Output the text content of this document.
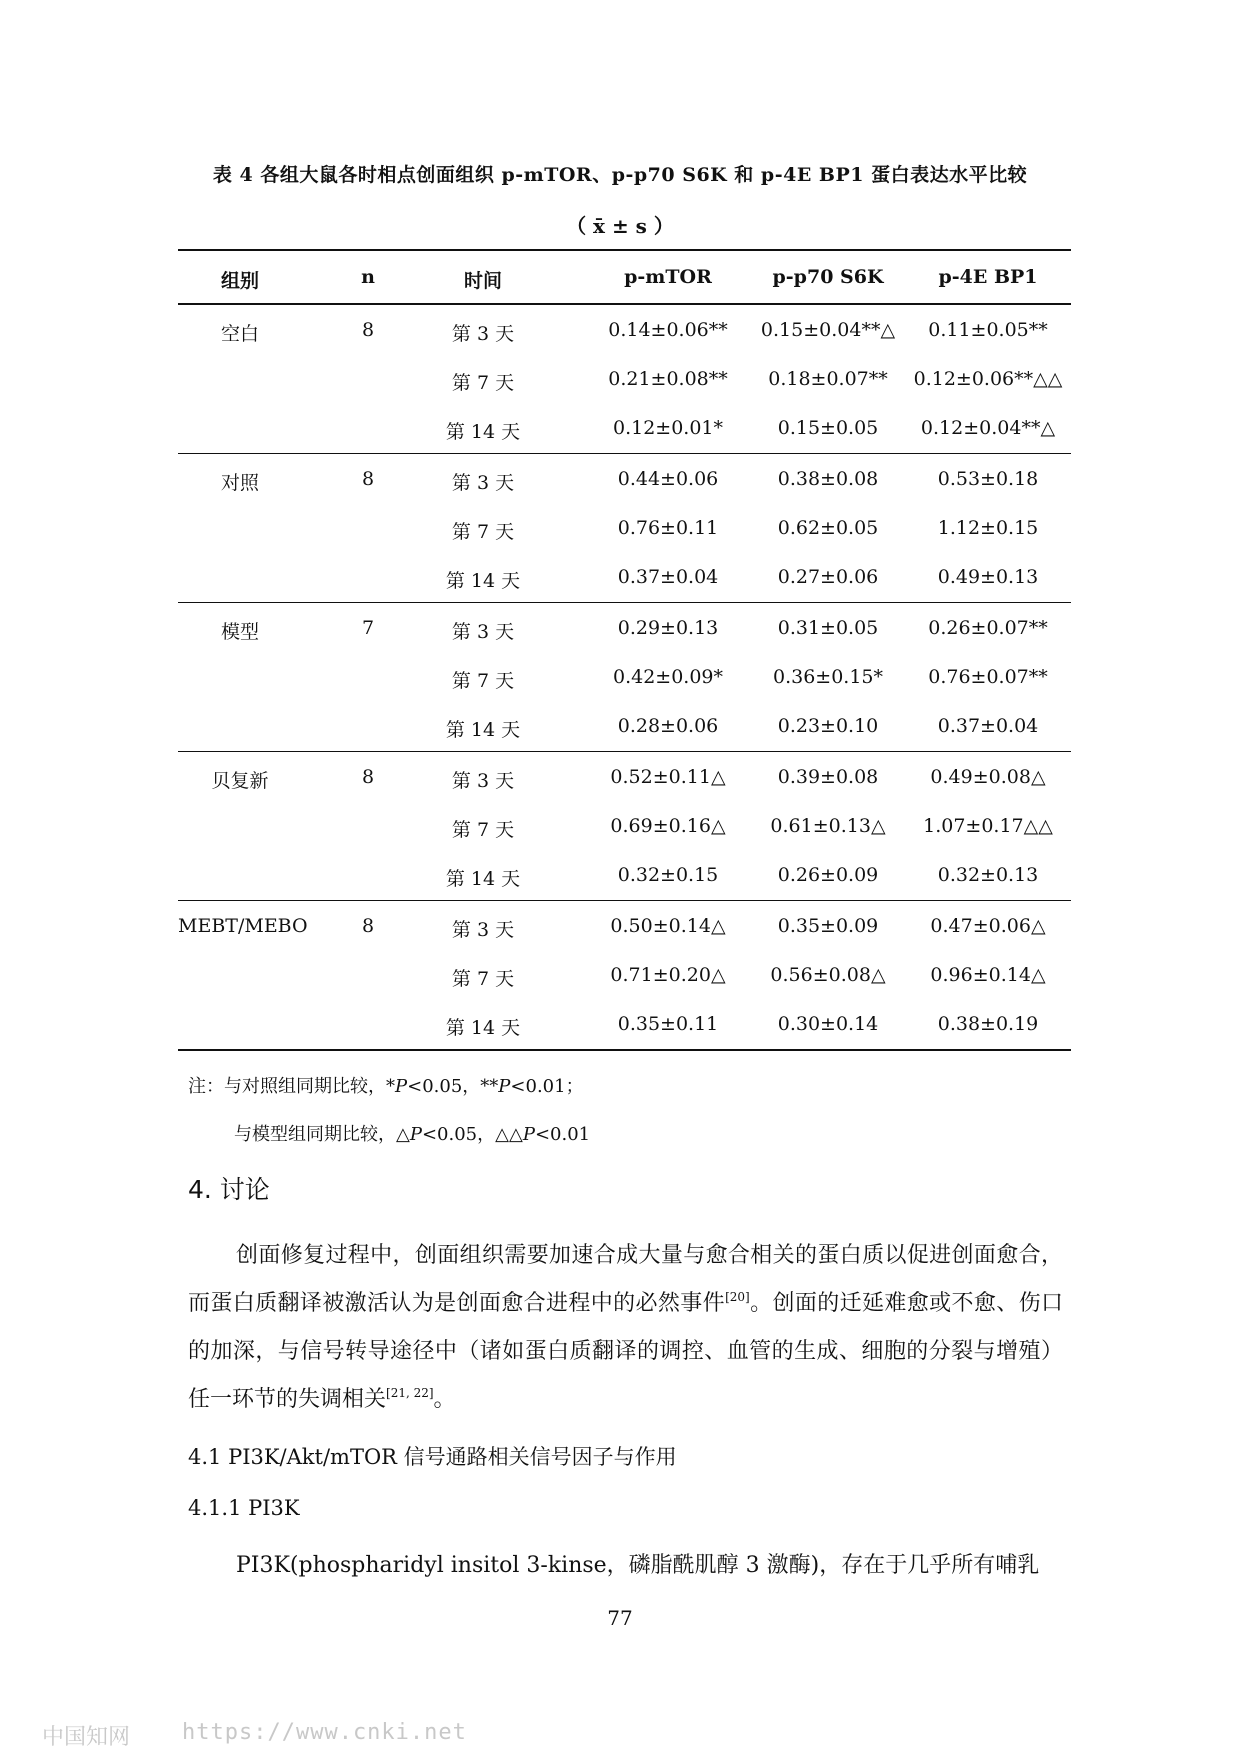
表 4 各组大鼠各时相点创面组织 p-mTOR、p-p70 S6K 和 p-4E BP1 蛋白表达水平比较
（ x̄ ± s ）
组别	n	时间	p-mTOR	p-p70 S6K	p-4E BP1
空白	8	第 3 天	0.14±0.06**	0.15±0.04**△	0.11±0.05**
第 7 天	0.21±0.08**	0.18±0.07**	0.12±0.06**△△
第 14 天	0.12±0.01*	0.15±0.05	0.12±0.04**△
对照	8	第 3 天	0.44±0.06	0.38±0.08	0.53±0.18
第 7 天	0.76±0.11	0.62±0.05	1.12±0.15
第 14 天	0.37±0.04	0.27±0.06	0.49±0.13
模型	7	第 3 天	0.29±0.13	0.31±0.05	0.26±0.07**
第 7 天	0.42±0.09*	0.36±0.15*	0.76±0.07**
第 14 天	0.28±0.06	0.23±0.10	0.37±0.04
贝复新	8	第 3 天	0.52±0.11△	0.39±0.08	0.49±0.08△
第 7 天	0.69±0.16△	0.61±0.13△	1.07±0.17△△
第 14 天	0.32±0.15	0.26±0.09	0.32±0.13
MEBT/MEBO	8	第 3 天	0.50±0.14△	0.35±0.09	0.47±0.06△
第 7 天	0.71±0.20△	0.56±0.08△	0.96±0.14△
第 14 天	0.35±0.11	0.30±0.14	0.38±0.19
注：与对照组同期比较，*P<0.05，**P<0.01；
与模型组同期比较，△P<0.05，△△P<0.01
4. 讨论

创面修复过程中，创面组织需要加速合成大量与愈合相关的蛋白质以促进创面愈合，而蛋白质翻译被激活认为是创面愈合进程中的必然事件[20]。创面的迁延难愈或不愈、伤口的加深，与信号转导途径中（诸如蛋白质翻译的调控、血管的生成、细胞的分裂与增殖）任一环节的失调相关[21, 22]。

4.1 PI3K/Akt/mTOR 信号通路相关信号因子与作用
4.1.1 PI3K

PI3K(phospharidyl insitol 3-kinse，磷脂酰肌醇 3 激酶)，存在于几乎所有哺乳

77
中国知网 https://www.cnki.net
